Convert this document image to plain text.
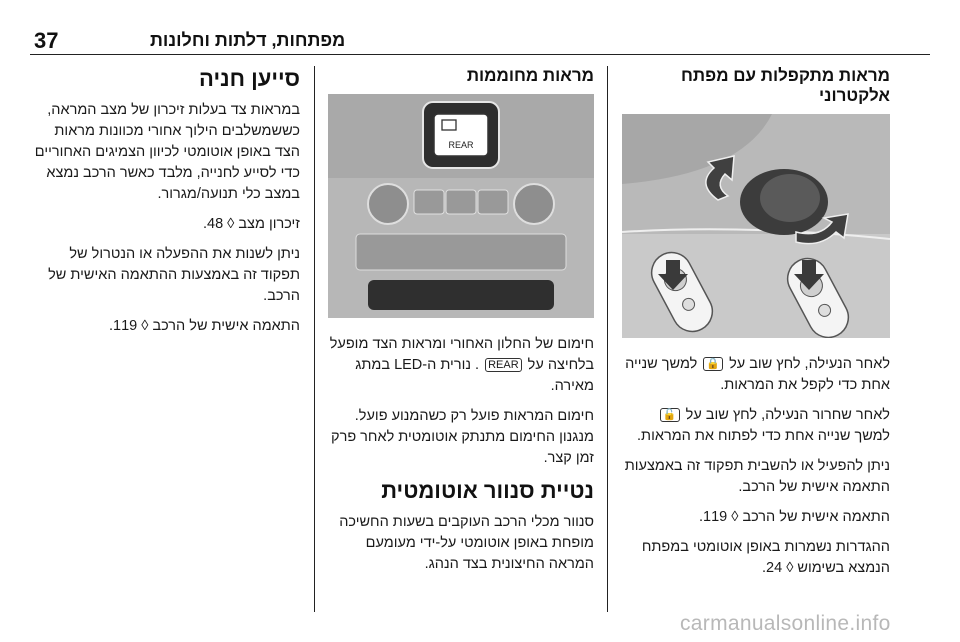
37	מפתחות, דלתות וחלונות
מראות מתקפלות עם מפתח אלקטרוני

לאחר הנעילה, לחץ שוב על 🔒 למשך שנייה אחת כדי לקפל את המראות.

לאחר שחרור הנעילה, לחץ שוב על 🔓 למשך שנייה אחת כדי לפתוח את המראות.

ניתן להפעיל או להשבית תפקוד זה באמצעות התאמה אישית של הרכב.

התאמה אישית של הרכב ◊ 119.

ההגדרות נשמרות באופן אוטומטי במפתח הנמצא בשימוש ◊ 24.

מראות מחוממות
REAR

חימום של החלון האחורי ומראות הצד מופעל בלחיצה על REAR . נורית ה-LED במתג מאירה.

חימום המראות פועל רק כשהמנוע פועל. מנגנון החימום מתנתק אוטומטית לאחר פרק זמן קצר.

נטיית סנוור אוטומטית

סנוור מכלי הרכב העוקבים בשעות החשיכה מופחת באופן אוטומטי על-ידי מעומעם המראה החיצונית בצד הנהג.

סייען חניה

במראות צד בעלות זיכרון של מצב המראה, כששמשלבים הילוך אחורי מכוונות מראות הצד באופן אוטומטי לכיוון הצמיגים האחוריים כדי לסייע לחנייה, מלבד כאשר הרכב נמצא במצב כלי תנועה/מגרור.

זיכרון מצב ◊ 48.

ניתן לשנות את ההפעלה או הנטרול של תפקוד זה באמצעות ההתאמה האישית של הרכב.

התאמה אישית של הרכב ◊ 119.

carmanualsonline.info
